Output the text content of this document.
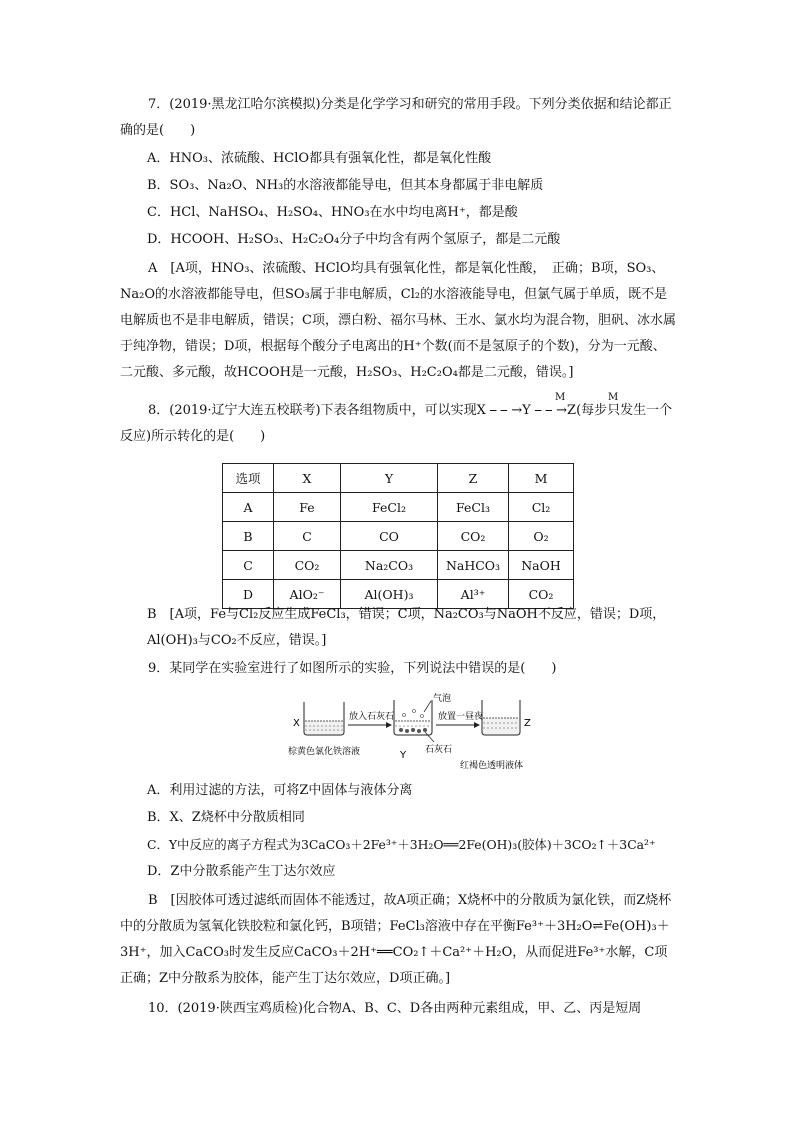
7．(2019·黑龙江哈尔滨模拟)分类是化学学习和研究的常用手段。下列分类依据和结论都正确的是(　　)

A．HNO₃、浓硫酸、HClO都具有强氧化性，都是氧化性酸

B．SO₃、Na₂O、NH₃的水溶液都能导电，但其本身都属于非电解质

C．HCl、NaHSO₄、H₂SO₄、HNO₃在水中均电离H⁺，都是酸

D．HCOOH、H₂SO₃、H₂C₂O₄分子中均含有两个氢原子，都是二元酸

A　[A项，HNO₃、浓硫酸、HClO均具有强氧化性，都是氧化性酸，　正确；B项，SO₃、Na₂O的水溶液都能导电，但SO₃属于非电解质，Cl₂的水溶液能导电，但氯气属于单质，既不是电解质也不是非电解质，错误；C项，漂白粉、福尔马林、王水、氯水均为混合物，胆矾、冰水属于纯净物，错误；D项，根据每个酸分子电离出的H⁺个数(而不是氢原子的个数)，分为一元酸、二元酸、多元酸，故HCOOH是一元酸，H₂SO₃、H₂C₂O₄都是二元酸，错误。]

8．(2019·辽宁大连五校联考)下表各组物质中，可以实现X ⎯ ⎯ →Y ⎯ ⎯ →Z(每步只发生一个反应)所示转化的是(　　)

M	M
选项	X	Y	Z	M
A	Fe	FeCl₂	FeCl₃	Cl₂
B	C	CO	CO₂	O₂
C	CO₂	Na₂CO₃	NaHCO₃	NaOH
D	AlO₂⁻	Al(OH)₃	Al³⁺	CO₂

B　[A项，Fe与Cl₂反应生成FeCl₃，错误；C项，Na₂CO₃与NaOH不反应，错误；D项，Al(OH)₃与CO₂不反应，错误。]

9．某同学在实验室进行了如图所示的实验，下列说法中错误的是(　　)

X
放入石灰石
气泡
石灰石
Y
放置一昼夜
Z
棕黄色氯化铁溶液
红褐色透明液体

A．利用过滤的方法，可将Z中固体与液体分离

B．X、Z烧杯中分散质相同

C．Y中反应的离子方程式为3CaCO₃＋2Fe³⁺＋3H₂O══2Fe(OH)₃(胶体)＋3CO₂↑＋3Ca²⁺

D．Z中分散系能产生丁达尔效应

B　[因胶体可透过滤纸而固体不能透过，故A项正确；X烧杯中的分散质为氯化铁，而Z烧杯中的分散质为氢氧化铁胶粒和氯化钙，B项错；FeCl₃溶液中存在平衡Fe³⁺＋3H₂O⇌Fe(OH)₃＋3H⁺，加入CaCO₃时发生反应CaCO₃＋2H⁺══CO₂↑＋Ca²⁺＋H₂O，从而促进Fe³⁺水解，C项正确；Z中分散系为胶体，能产生丁达尔效应，D项正确。]

10．(2019·陕西宝鸡质检)化合物A、B、C、D各由两种元素组成，甲、乙、丙是短周
